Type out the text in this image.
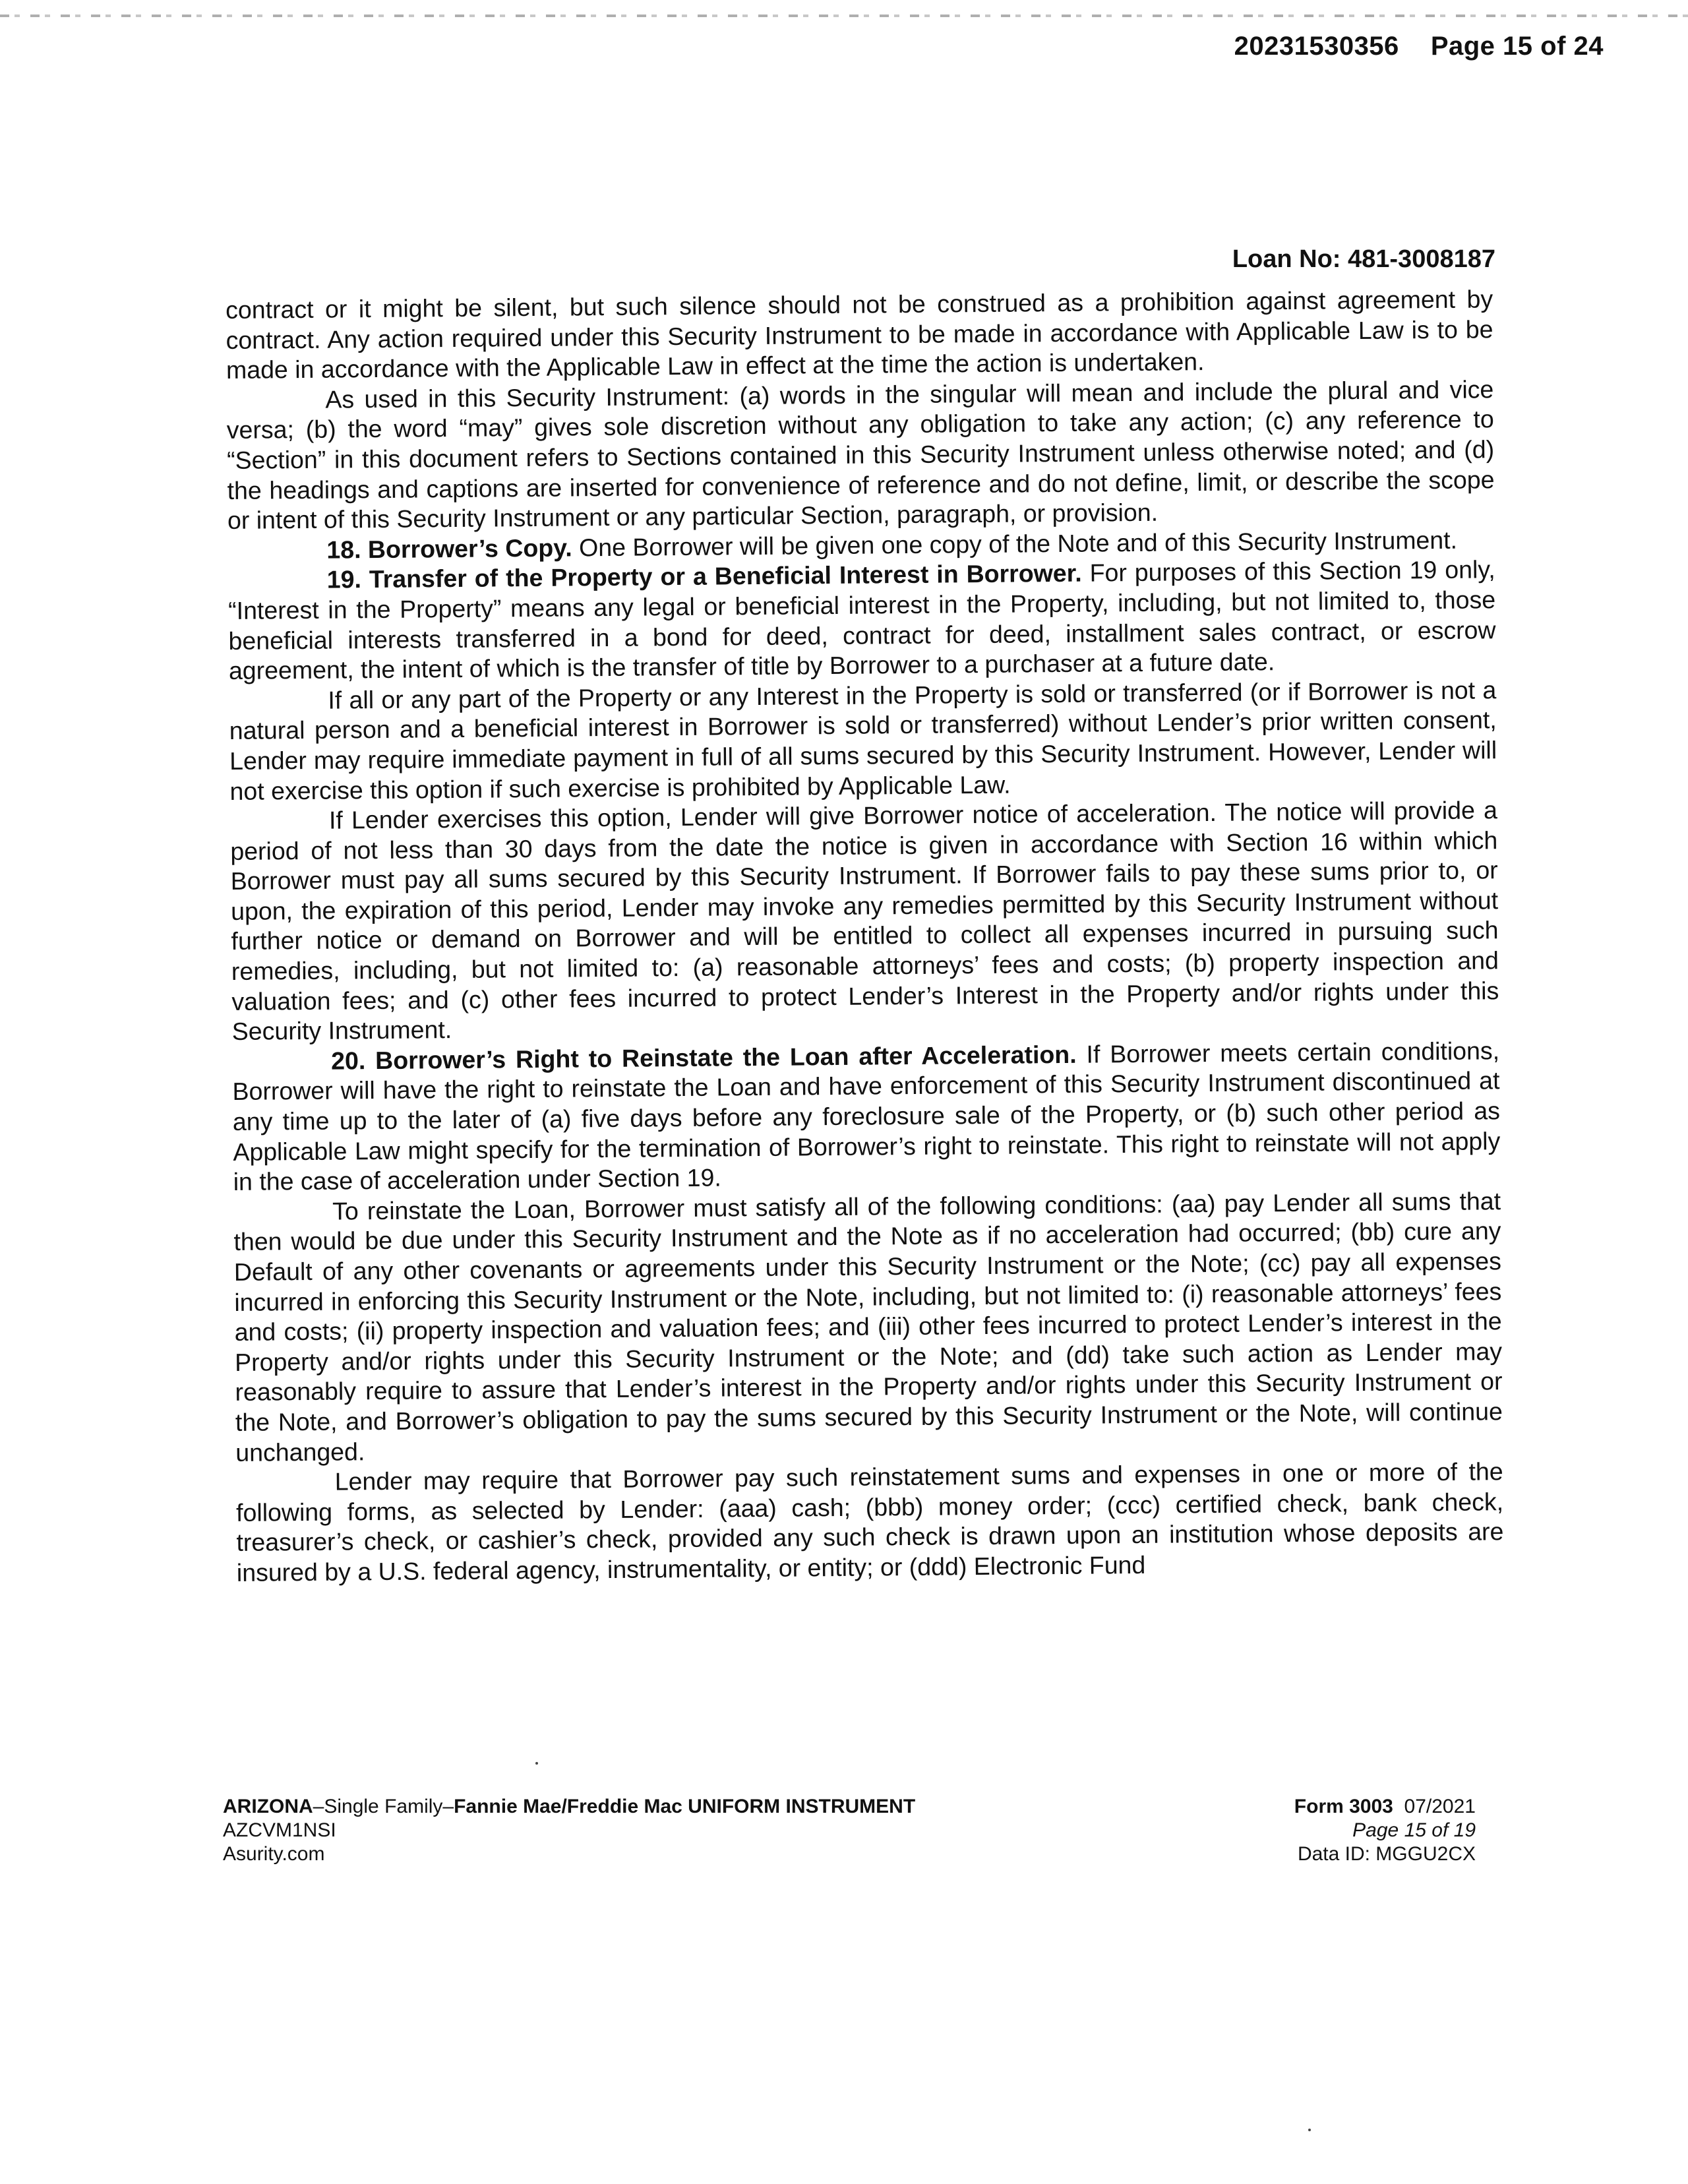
20231530356 Page 15 of 24
Loan No: 481-3008187

contract or it might be silent, but such silence should not be construed as a prohibition against agreement by contract. Any action required under this Security Instrument to be made in accordance with Applicable Law is to be made in accordance with the Applicable Law in effect at the time the action is undertaken.

As used in this Security Instrument: (a) words in the singular will mean and include the plural and vice versa; (b) the word “may” gives sole discretion without any obligation to take any action; (c) any reference to “Section” in this document refers to Sections contained in this Security Instrument unless otherwise noted; and (d) the headings and captions are inserted for convenience of reference and do not define, limit, or describe the scope or intent of this Security Instrument or any particular Section, paragraph, or provision.

18. Borrower’s Copy. One Borrower will be given one copy of the Note and of this Security Instrument.

19. Transfer of the Property or a Beneficial Interest in Borrower. For purposes of this Section 19 only, “Interest in the Property” means any legal or beneficial interest in the Property, including, but not limited to, those beneficial interests transferred in a bond for deed, contract for deed, installment sales contract, or escrow agreement, the intent of which is the transfer of title by Borrower to a purchaser at a future date.

If all or any part of the Property or any Interest in the Property is sold or transferred (or if Borrower is not a natural person and a beneficial interest in Borrower is sold or transferred) without Lender’s prior written consent, Lender may require immediate payment in full of all sums secured by this Security Instrument. However, Lender will not exercise this option if such exercise is prohibited by Applicable Law.

If Lender exercises this option, Lender will give Borrower notice of acceleration. The notice will provide a period of not less than 30 days from the date the notice is given in accordance with Section 16 within which Borrower must pay all sums secured by this Security Instrument. If Borrower fails to pay these sums prior to, or upon, the expiration of this period, Lender may invoke any remedies permitted by this Security Instrument without further notice or demand on Borrower and will be entitled to collect all expenses incurred in pursuing such remedies, including, but not limited to: (a) reasonable attorneys’ fees and costs; (b) property inspection and valuation fees; and (c) other fees incurred to protect Lender’s Interest in the Property and/or rights under this Security Instrument.

20. Borrower’s Right to Reinstate the Loan after Acceleration. If Borrower meets certain conditions, Borrower will have the right to reinstate the Loan and have enforcement of this Security Instrument discontinued at any time up to the later of (a) five days before any foreclosure sale of the Property, or (b) such other period as Applicable Law might specify for the termination of Borrower’s right to reinstate. This right to reinstate will not apply in the case of acceleration under Section 19.

To reinstate the Loan, Borrower must satisfy all of the following conditions: (aa) pay Lender all sums that then would be due under this Security Instrument and the Note as if no acceleration had occurred; (bb) cure any Default of any other covenants or agreements under this Security Instrument or the Note; (cc) pay all expenses incurred in enforcing this Security Instrument or the Note, including, but not limited to: (i) reasonable attorneys’ fees and costs; (ii) property inspection and valuation fees; and (iii) other fees incurred to protect Lender’s interest in the Property and/or rights under this Security Instrument or the Note; and (dd) take such action as Lender may reasonably require to assure that Lender’s interest in the Property and/or rights under this Security Instrument or the Note, and Borrower’s obligation to pay the sums secured by this Security Instrument or the Note, will continue unchanged.

Lender may require that Borrower pay such reinstatement sums and expenses in one or more of the following forms, as selected by Lender: (aaa) cash; (bbb) money order; (ccc) certified check, bank check, treasurer’s check, or cashier’s check, provided any such check is drawn upon an institution whose deposits are insured by a U.S. federal agency, instrumentality, or entity; or (ddd) Electronic Fund

ARIZONA–Single Family–Fannie Mae/Freddie Mac UNIFORM INSTRUMENT
AZCVM1NSI
Asurity.com
Form 3003 07/2021
Page 15 of 19
Data ID: MGGU2CX
